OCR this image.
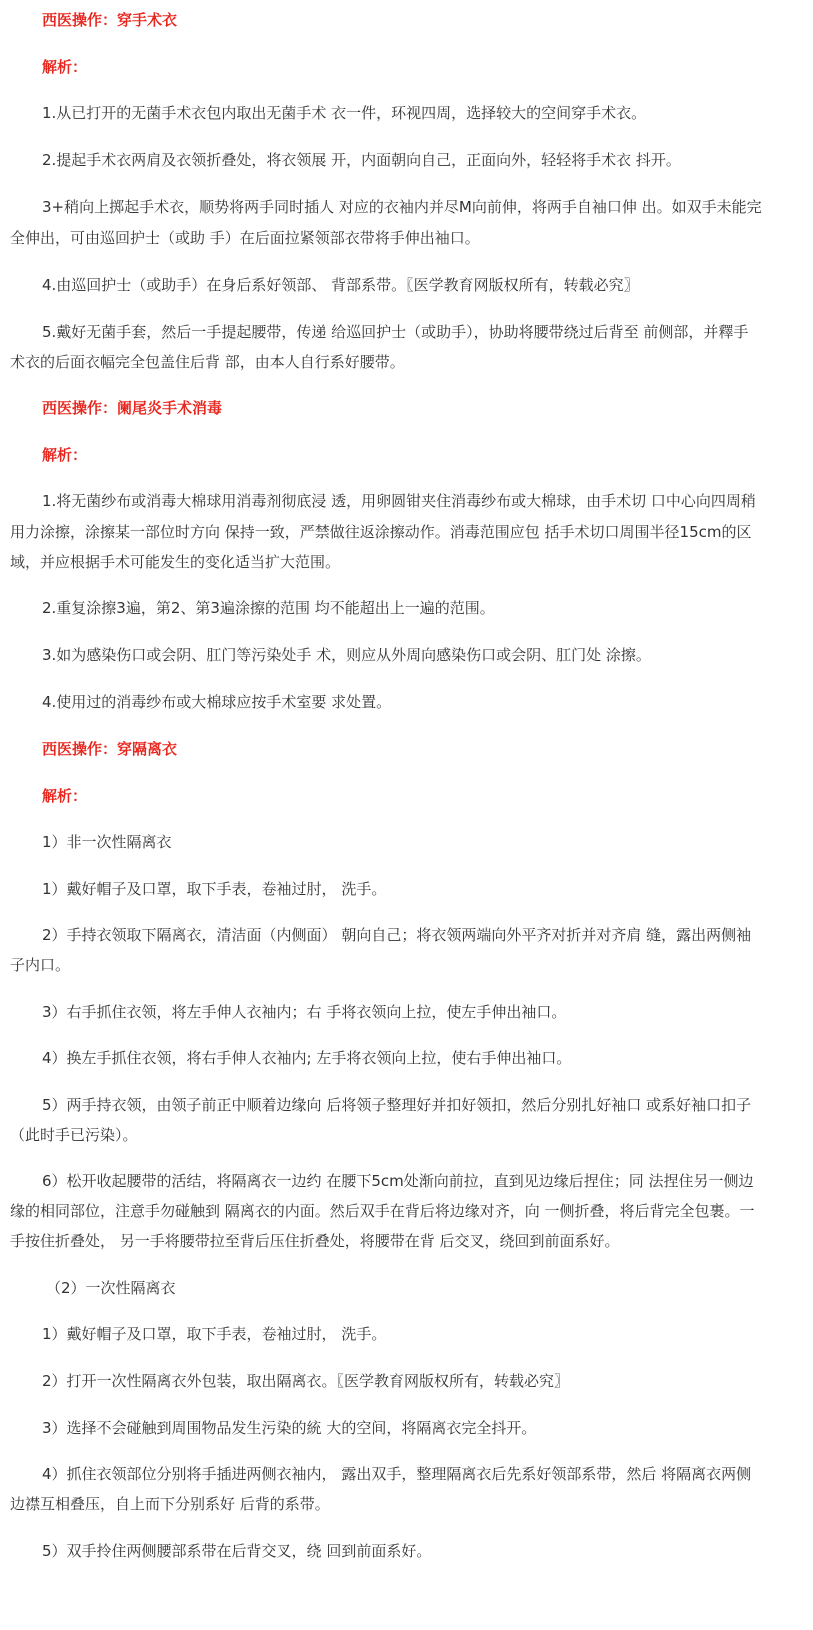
西医操作：穿手术衣

解析：

1.从已打开的无菌手术衣包内取出无菌手术 衣一件，环视四周，选择较大的空间穿手术衣。

2.提起手术衣两肩及衣领折叠处，将衣领展 开，内面朝向自己，正面向外，轻轻将手术衣 抖开。

3+稍向上掷起手术衣，顺势将两手同时插人 对应的衣袖内并尽M向前伸，将两手自袖口伸 出。如双手未能完

全伸出，可由巡回护士（或助 手）在后面拉紧领部衣带将手伸出袖口。

4.由巡回护士（或助手）在身后系好领部、 背部系带。〖医学教育网版权所有，转载必究〗

5.戴好无菌手套，然后一手提起腰带，传递 给巡回护士（或助手），协助将腰带绕过后背至 前侧部，并釋手

术衣的后面衣幅完全包盖住后背 部，由本人自行系好腰带。

西医操作：阑尾炎手术消毒

解析：

1.将无菌纱布或消毒大棉球用消毒剂彻底浸 透，用卵圆钳夹住消毒纱布或大棉球，由手术切 口中心向四周稍

用力涂擦，涂擦某一部位时方向 保持一致，严禁做往返涂擦动作。消毒范围应包 括手术切口周围半径15cm的区

域，并应根据手术可能发生的变化适当扩大范围。

2.重复涂擦3遍，第2、第3遍涂擦的范围 均不能超出上一遍的范围。

3.如为感染伤口或会阴、肛门等污染处手 术，则应从外周向感染伤口或会阴、肛门处 涂擦。

4.使用过的消毒纱布或大棉球应按手术室要 求处置。

西医操作：穿隔离衣

解析：

1）非一次性隔离衣

1）戴好帽子及口罩，取下手表，卷袖过肘， 洗手。

2）手持衣领取下隔离衣，清洁面（内侧面） 朝向自己；将衣领两端向外平齐对折并对齐肩 缝，露出两侧袖

子内口。

3）右手抓住衣领，将左手伸人衣袖内；右 手将衣领向上拉，使左手伸出袖口。

4）换左手抓住衣领，将右手伸人衣袖内; 左手将衣领向上拉，使右手伸出袖口。

5）两手持衣领，由领子前正中顺着边缘向 后将领子整理好并扣好领扣，然后分别扎好袖口 或系好袖口扣子

（此时手已污染）。

6）松开收起腰带的活结，将隔离衣一边约 在腰下5cm处渐向前拉，直到见边缘后捏住；同 法捏住另一侧边

缘的相同部位，注意手勿碰触到 隔离衣的内面。然后双手在背后将边缘对齐，向 一侧折叠，将后背完全包裹。一

手按住折叠处， 另一手将腰带拉至背后压住折叠处，将腰带在背 后交叉，绕回到前面系好。

（2）一次性隔离衣

1）戴好帽子及口罩，取下手表，卷袖过肘， 洗手。

2）打开一次性隔离衣外包装，取出隔离衣。〖医学教育网版权所有，转载必究〗

3）选择不会碰触到周围物品发生污染的統 大的空间，将隔离衣完全抖开。

4）抓住衣领部位分别将手插进两侧衣袖内， 露出双手，整理隔离衣后先系好领部系带，然后 将隔离衣两侧

边襟互相叠压，自上而下分别系好 后背的系带。

5）双手拎住两侧腰部系带在后背交叉，绕 回到前面系好。
